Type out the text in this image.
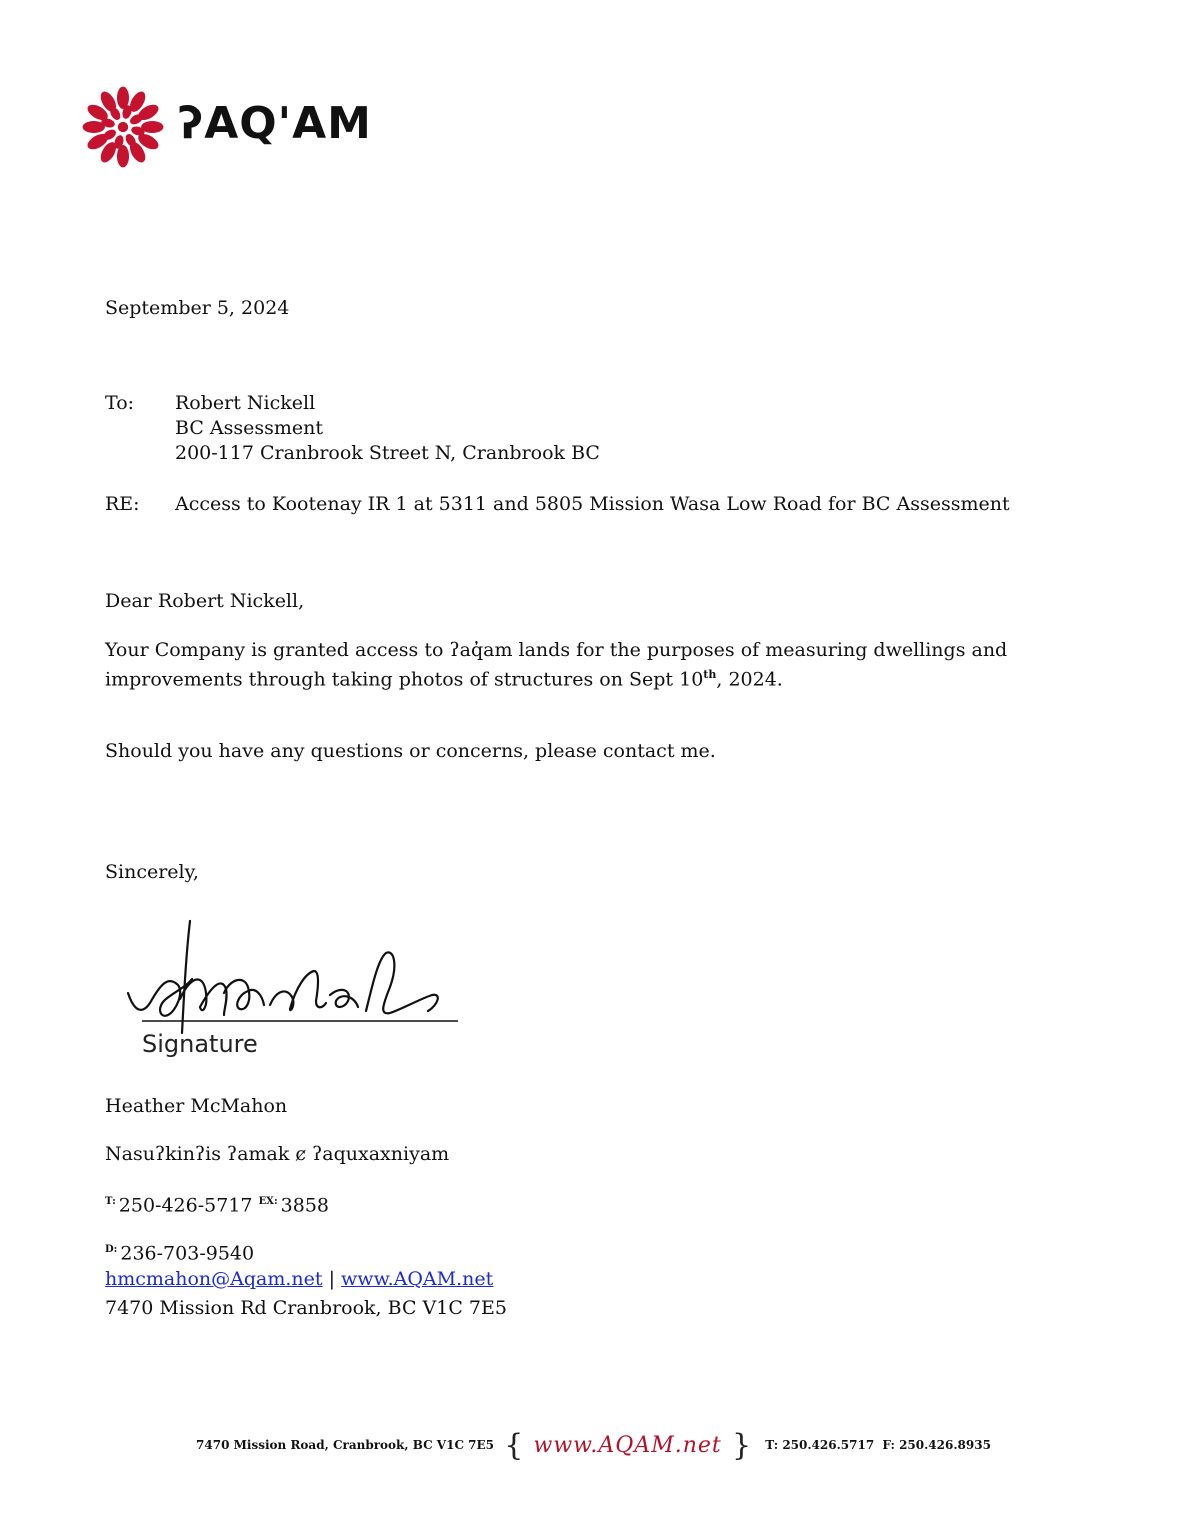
ʔAQ'AM
September 5, 2024
To: Robert Nickell
BC Assessment
200-117 Cranbrook Street N, Cranbrook BC
RE: Access to Kootenay IR 1 at 5311 and 5805 Mission Wasa Low Road for BC Assessment
Dear Robert Nickell,
Your Company is granted access to ʔaq̓am lands for the purposes of measuring dwellings and
improvements through taking photos of structures on Sept 10th, 2024.
Should you have any questions or concerns, please contact me.
Sincerely,
Signature
Heather McMahon
Nasuʔkinʔis ʔamak ȼ ʔaquxaxniyam
$^{T:}$ 250-426-5717 $^{EX:}$ 3858
$^{D:}$ 236-703-9540
hmcmahon@Aqam.net | www.AQAM.net
7470 Mission Rd Cranbrook, BC V1C 7E5
7470 Mission Road, Cranbrook, BC V1C 7E5 { www.AQAM.net } T: 250.426.5717 F: 250.426.8935
